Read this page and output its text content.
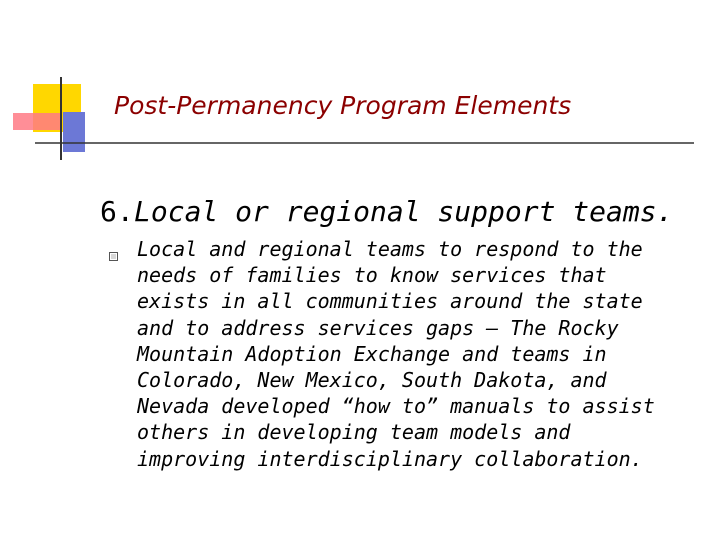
Post-Permanency Program Elements
6.Local or regional support teams.
Local and regional teams to respond to the
needs of families to know services that
exists in all communities around the state
and to address services gaps – The Rocky
Mountain Adoption Exchange and teams in
Colorado, New Mexico, South Dakota, and
Nevada developed “how to” manuals to assist
others in developing team models and
improving interdisciplinary collaboration.
